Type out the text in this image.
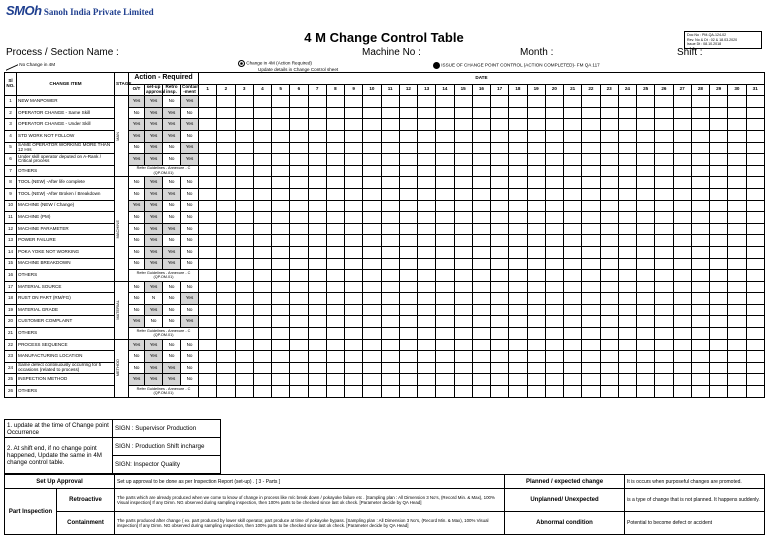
SMOh Sanoh India Private Limited
4 M Change Control Table	Doc No : PM-QA-124-02
Rev. No & Dt : 02 & 18.03.2020
Issue Dt : 08.10.2018
Process / Section Name :	Machine No :	Month :	Shift :
No Change in 4M	Change in 4M (Action Required)
Update details in Change Control sheet
ISSUE OF CHANGE POINT CONTROL (ACTION COMPLETED)- FM QA 117
Sl NO.	CHANGE ITEM	STAGE	Action - Required				DATE																														
			O/T	set-up approval	Retro insp.	Contain -ment	1	2	3	4	5	6	7	8	9	10	11	12	13	14	15	16	17	18	19	20	21	22	23	24	25	26	27	28	29	30	31
1	NEW MANPOWER	MAN	Yes	Yes	No	Yes																															
2	OPERATOR CHANGE - Same Skill		No	Yes	Yes	No																															
3	OPERATOR CHANGE - Under Skill		Yes	Yes	Yes	Yes																															
4	STD WORK NOT FOLLOW		Yes	Yes	Yes	No																															
5	SAME OPERATOR WORKING MORE THAN 12 Hrs		No	Yes	No	Yes																															
6	Under skill operator deputed on A-Rank / Critical process		Yes	Yes	No	Yes																															
7	OTHERS		Refer Guidelines - Annexure - C (QP.OM.01)																																		
8	TOOL (NEW) -After life complete	MACHINE	No	Yes	No	No																															
9	TOOL (NEW) -After Broken / Breakdown		No	Yes	Yes	No																															
10	MACHINE (NEW / Change)		Yes	Yes	No	No																															
11	MACHINE (PM)		No	Yes	No	No																															
12	MACHINE PARAMETER		No	Yes	Yes	No																															
13	POWER FAILURE		No	Yes	No	No																															
14	POKA YOKE NOT WORKING		No	Yes	Yes	No																															
15	MACHINE BREAKDOWN		No	Yes	Yes	No																															
16	OTHERS		Refer Guidelines - Annexure - C (QP.OM.01)																																		
17	MATERIAL SOURCE	MATERIAL	No	Yes	No	No																															
18	RUST ON PART (RM/FG)		No	N	No	Yes																															
19	MATERIAL GRADE		No	Yes	No	No																															
20	CUSTOMER COMPLAINT		Yes	No	No	Yes																															
21	OTHERS		Refer Guidelines - Annexure - C (QP.OM.01)																																		
22	PROCESS SEQUENCE	METHOD	Yes	Yes	No	No																															
23	MANUFACTURING LOCATION		No	Yes	No	No																															
24	Same defect continuously occurring for 5 occasions (related to process)		No	Yes	Yes	No																															
25	INSPECTION METHOD		Yes	Yes	Yes	No																															
26	OTHERS		Refer Guidelines - Annexure - C (QP.OM.01)																																		
1. update at the time of Change point Occurrence	SIGN : Supervisor Production
2. At shift end, if no change point happened, Update the same in 4M change control table.	SIGN : Production Shift incharge
	SIGN: Inspector Quality
Set Up Approval		Set up approval to be done as per Inspection Report (set-up) . [ 3 - Parts ]	Planned / expected change	It is occurs when purposeful changes are promoted.
Part Inspection	Retroactive	The parts which are already produced when we come to know of change in process like m/c break down / pokayoke failure etc . [Sampling plan : All Dimension 3 No's, (Record Min. & Max), 100% Visual inspection] If any Dimn. NG observed during sampling inspection, then 100% parts to be checked since last ok check. [Parameter decide by QA Head]	Unplanned/ Unexpected	is a type of change that is not planned. It happens suddenly.
	Containment	The parts produced after change ( ex. part produced by lower skill operator, part produce at time of pokayoke bypass. [Sampling plan : All Dimension 3 No's, (Record Min. & Max), 100% Visual inspection] If any Dimn. NG observed during sampling inspection, then 100% parts to be checked since last ok check. [Parameter decide by QA Head]	Abnormal condition	Potential to become defect or accident
